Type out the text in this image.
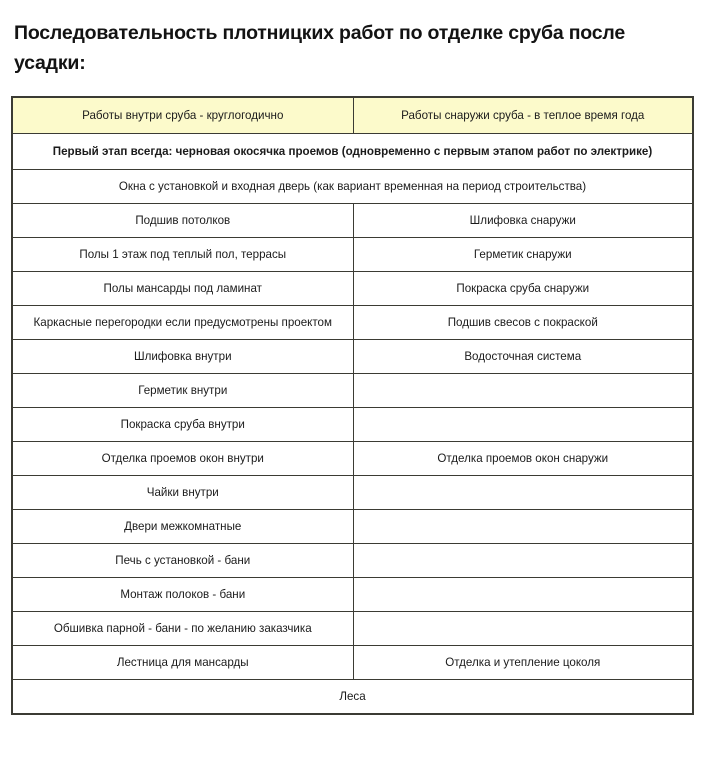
Последовательность плотницких работ по отделке сруба после усадки:
Работы внутри сруба - круглогодично	Работы снаружи сруба - в теплое время года
Первый этап всегда: черновая окосячка проемов (одновременно с первым этапом работ по электрике)	
Окна с установкой и входная дверь (как вариант временная на период строительства)	
Подшив потолков	Шлифовка снаружи
Полы 1 этаж под теплый пол, террасы	Герметик снаружи
Полы мансарды под ламинат	Покраска сруба снаружи
Каркасные перегородки если предусмотрены проектом	Подшив свесов с покраской
Шлифовка внутри	Водосточная система
Герметик внутри	
Покраска сруба внутри	
Отделка проемов окон внутри	Отделка проемов окон снаружи
Чайки внутри	
Двери межкомнатные	
Печь с установкой - бани	
Монтаж полоков - бани	
Обшивка парной - бани - по желанию заказчика	
Лестница для мансарды	Отделка и утепление цоколя
Леса	
